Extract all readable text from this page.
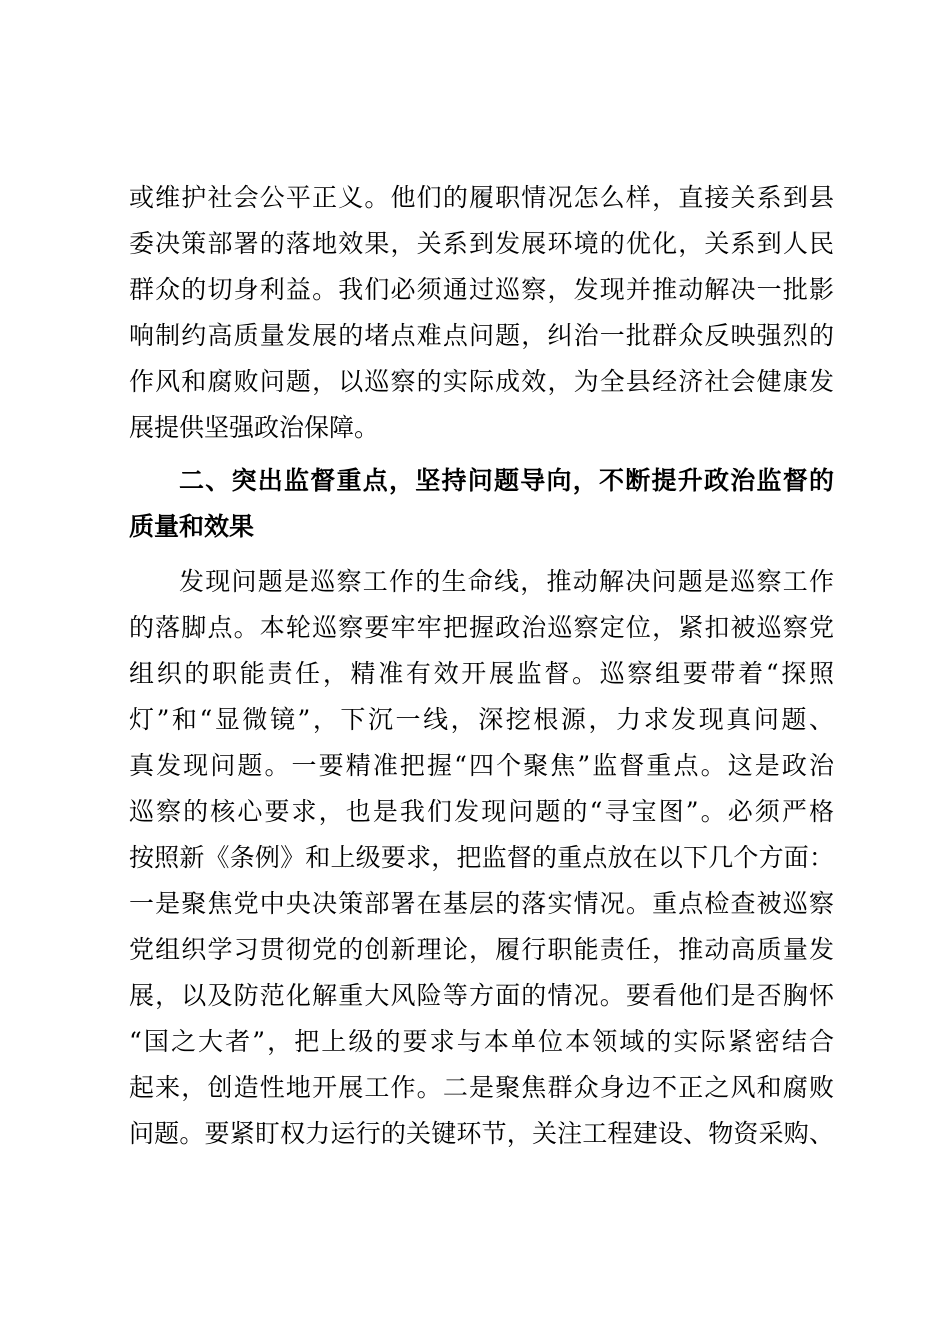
或维护社会公平正义。他们的履职情况怎么样，直接关系到县
委决策部署的落地效果，关系到发展环境的优化，关系到人民
群众的切身利益。我们必须通过巡察，发现并推动解决一批影
响制约高质量发展的堵点难点问题，纠治一批群众反映强烈的
作风和腐败问题，以巡察的实际成效，为全县经济社会健康发
展提供坚强政治保障。
二、突出监督重点，坚持问题导向，不断提升政治监督的
质量和效果
发现问题是巡察工作的生命线，推动解决问题是巡察工作
的落脚点。本轮巡察要牢牢把握政治巡察定位，紧扣被巡察党
组织的职能责任，精准有效开展监督。巡察组要带着“探照
灯”和“显微镜”，下沉一线，深挖根源，力求发现真问题、
真发现问题。一要精准把握“四个聚焦”监督重点。这是政治
巡察的核心要求，也是我们发现问题的“寻宝图”。必须严格
按照新《条例》和上级要求，把监督的重点放在以下几个方面：
一是聚焦党中央决策部署在基层的落实情况。重点检查被巡察
党组织学习贯彻党的创新理论，履行职能责任，推动高质量发
展，以及防范化解重大风险等方面的情况。要看他们是否胸怀
“国之大者”，把上级的要求与本单位本领域的实际紧密结合
起来，创造性地开展工作。二是聚焦群众身边不正之风和腐败
问题。要紧盯权力运行的关键环节，关注工程建设、物资采购、
